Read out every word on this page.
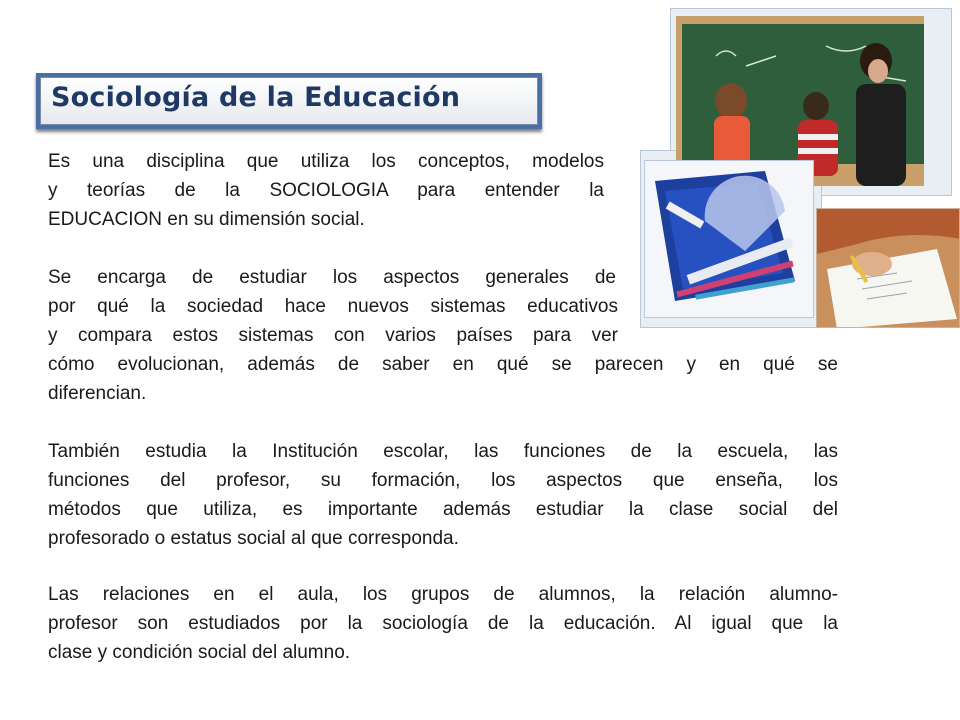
Sociología de la Educación
Es una disciplina que utiliza los conceptos, modelos
y teorías de la SOCIOLOGIA para entender la
EDUCACION en su dimensión social.
Se encarga de estudiar los aspectos generales de
por qué la sociedad hace nuevos sistemas educativos
y compara estos sistemas con varios países para ver
cómo evolucionan, además de saber en qué se parecen y en qué se
diferencian.
También estudia la Institución escolar, las funciones de la escuela, las
funciones del profesor, su formación, los aspectos que enseña, los
métodos que utiliza, es importante además estudiar la clase social del
profesorado o estatus social al que corresponda.
Las relaciones en el aula, los grupos de alumnos, la relación alumno-
profesor son estudiados por la sociología de la educación. Al igual que la
clase y condición social del alumno.
